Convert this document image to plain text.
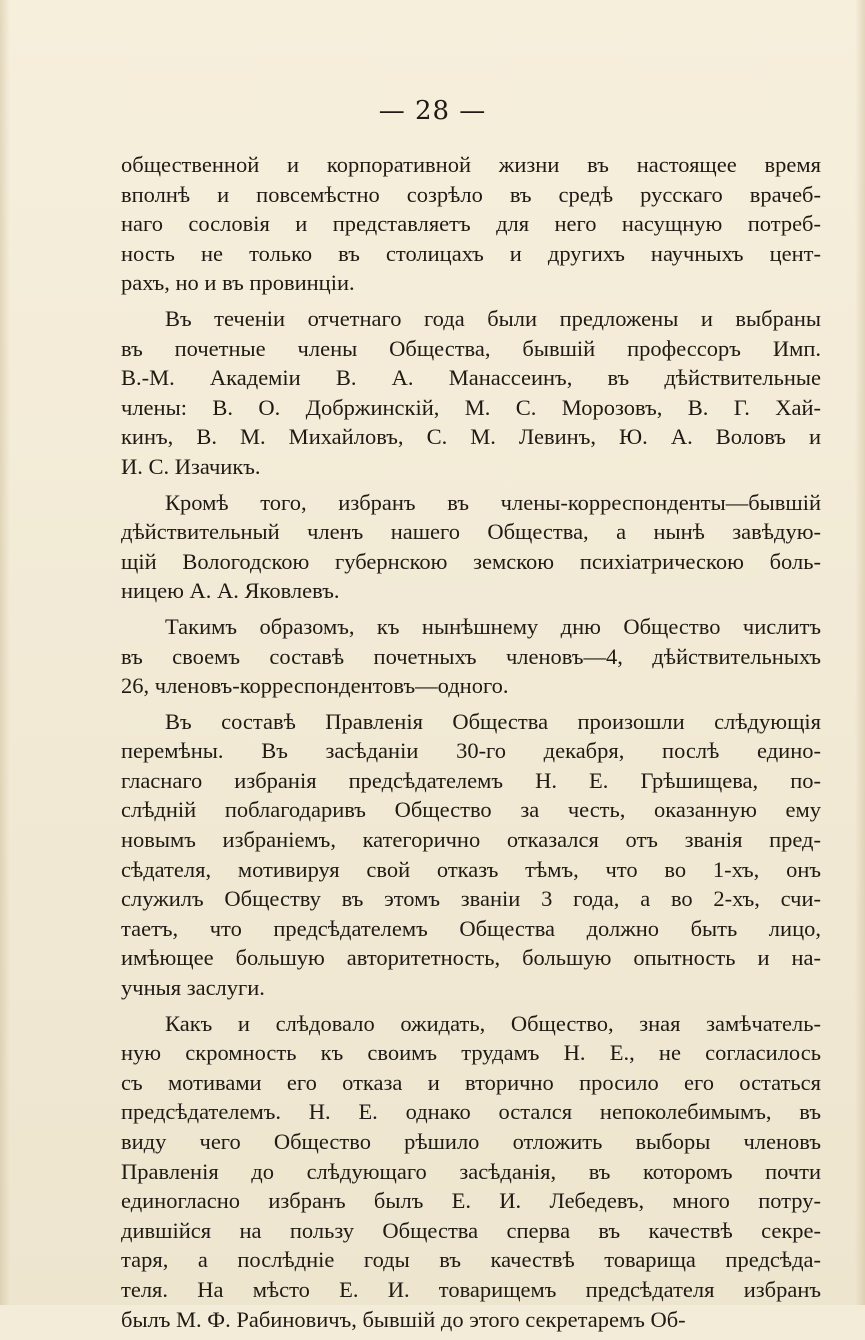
— 28 —
общественной и корпоративной жизни въ настоящее время
вполнѣ и повсемѣстно созрѣло въ средѣ русскаго врачеб-
наго сословія и представляетъ для него насущную потреб-
ность не только въ столицахъ и другихъ научныхъ цент-
рахъ, но и въ провинціи.
Въ теченіи отчетнаго года были предложены и выбраны
въ почетные члены Общества, бывшій профессоръ Имп.
В.-М. Академіи В. А. Манассеинъ, въ дѣйствительные
члены: В. О. Добржинскій, М. С. Морозовъ, В. Г. Хай-
кинъ, В. М. Михайловъ, С. М. Левинъ, Ю. А. Воловъ и
И. С. Изачикъ.
Кромѣ того, избранъ въ члены-корреспонденты—бывшій
дѣйствительный членъ нашего Общества, а нынѣ завѣдую-
щій Вологодскою губернскою земскою психіатрическою боль-
ницею А. А. Яковлевъ.
Такимъ образомъ, къ нынѣшнему дню Общество числитъ
въ своемъ составѣ почетныхъ членовъ—4, дѣйствительныхъ
26, членовъ-корреспондентовъ—одного.
Въ составѣ Правленія Общества произошли слѣдующія
перемѣны. Въ засѣданіи 30-го декабря, послѣ едино-
гласнаго избранія предсѣдателемъ Н. Е. Грѣшищева, по-
слѣдній поблагодаривъ Общество за честь, оказанную ему
новымъ избраніемъ, категорично отказался отъ званія пред-
сѣдателя, мотивируя свой отказъ тѣмъ, что во 1-хъ, онъ
служилъ Обществу въ этомъ званіи 3 года, а во 2-хъ, счи-
таетъ, что предсѣдателемъ Общества должно быть лицо,
имѣющее большую авторитетность, большую опытность и на-
учныя заслуги.
Какъ и слѣдовало ожидать, Общество, зная замѣчатель-
ную скромность къ своимъ трудамъ Н. Е., не согласилось
съ мотивами его отказа и вторично просило его остаться
предсѣдателемъ. Н. Е. однако остался непоколебимымъ, въ
виду чего Общество рѣшило отложить выборы членовъ
Правленія до слѣдующаго засѣданія, въ которомъ почти
единогласно избранъ былъ Е. И. Лебедевъ, много потру-
дившійся на пользу Общества сперва въ качествѣ секре-
таря, а послѣдніе годы въ качествѣ товарища предсѣда-
теля. На мѣсто Е. И. товарищемъ предсѣдателя избранъ
былъ М. Ф. Рабиновичъ, бывшій до этого секретаремъ Об-
